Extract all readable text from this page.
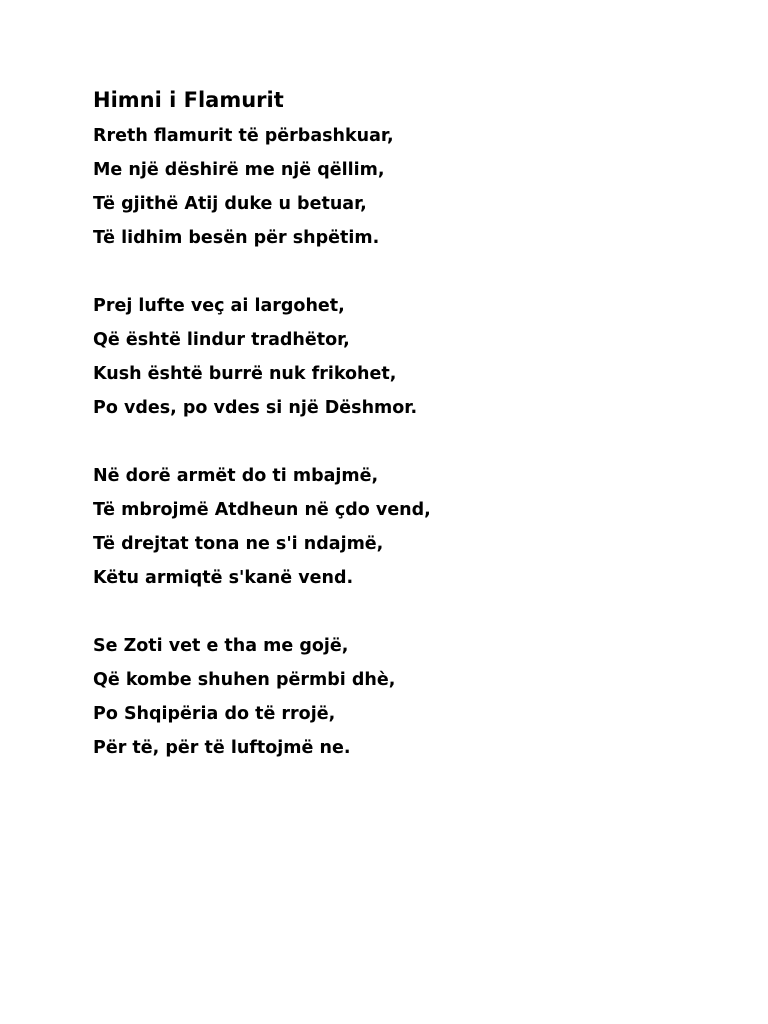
Himni i Flamurit
Rreth flamurit të përbashkuar,
Me një dëshirë me një qëllim,
Të gjithë Atij duke u betuar,
Të lidhim besën për shpëtim.
Prej lufte veç ai largohet,
Që është lindur tradhëtor,
Kush është burrë nuk frikohet,
Po vdes, po vdes si një Dëshmor.
Në dorë armët do ti mbajmë,
Të mbrojmë Atdheun në çdo vend,
Të drejtat tona ne s'i ndajmë,
Këtu armiqtë s'kanë vend.
Se Zoti vet e tha me gojë,
Që kombe shuhen përmbi dhè,
Po Shqipëria do të rrojë,
Për të, për të luftojmë ne.
